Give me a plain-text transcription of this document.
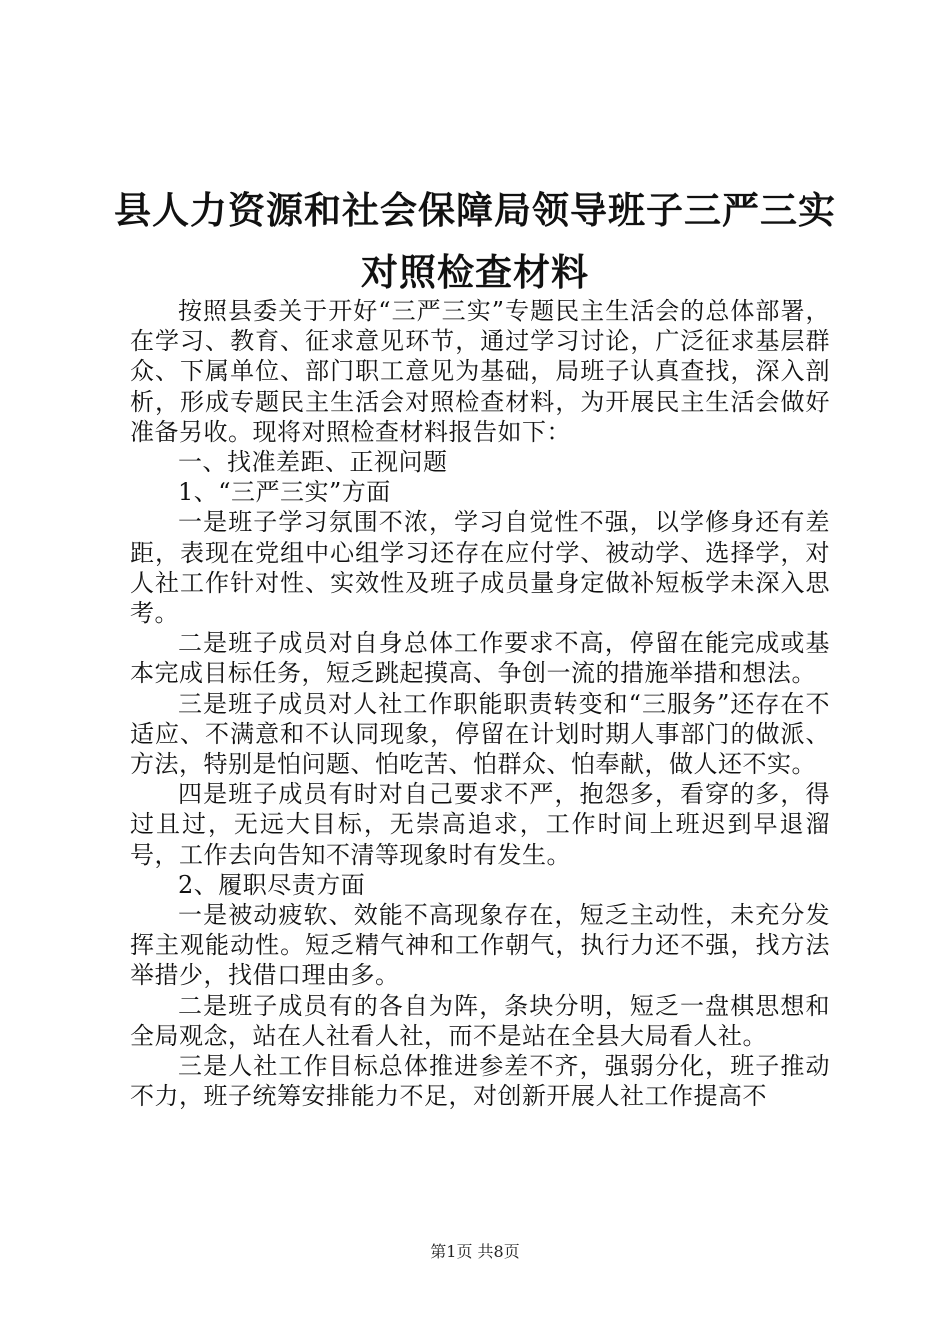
县人力资源和社会保障局领导班子三严三实对照检查材料

按照县委关于开好“三严三实”专题民主生活会的总体部署，在学习、教育、征求意见环节，通过学习讨论，广泛征求基层群众、下属单位、部门职工意见为基础，局班子认真查找，深入剖析，形成专题民主生活会对照检查材料，为开展民主生活会做好准备另收。现将对照检查材料报告如下：

一、找准差距、正视问题

1、“三严三实”方面

一是班子学习氛围不浓，学习自觉性不强，以学修身还有差距，表现在党组中心组学习还存在应付学、被动学、选择学，对人社工作针对性、实效性及班子成员量身定做补短板学未深入思考。

二是班子成员对自身总体工作要求不高，停留在能完成或基本完成目标任务，短乏跳起摸高、争创一流的措施举措和想法。

三是班子成员对人社工作职能职责转变和“三服务”还存在不适应、不满意和不认同现象，停留在计划时期人事部门的做派、方法，特别是怕问题、怕吃苦、怕群众、怕奉献，做人还不实。

四是班子成员有时对自己要求不严，抱怨多，看穿的多，得过且过，无远大目标，无崇高追求，工作时间上班迟到早退溜号，工作去向告知不清等现象时有发生。

2、履职尽责方面

一是被动疲软、效能不高现象存在，短乏主动性，未充分发挥主观能动性。短乏精气神和工作朝气，执行力还不强，找方法举措少，找借口理由多。

二是班子成员有的各自为阵，条块分明，短乏一盘棋思想和全局观念，站在人社看人社，而不是站在全县大局看人社。

三是人社工作目标总体推进参差不齐，强弱分化，班子推动不力，班子统筹安排能力不足，对创新开展人社工作提高不

第1页 共8页
